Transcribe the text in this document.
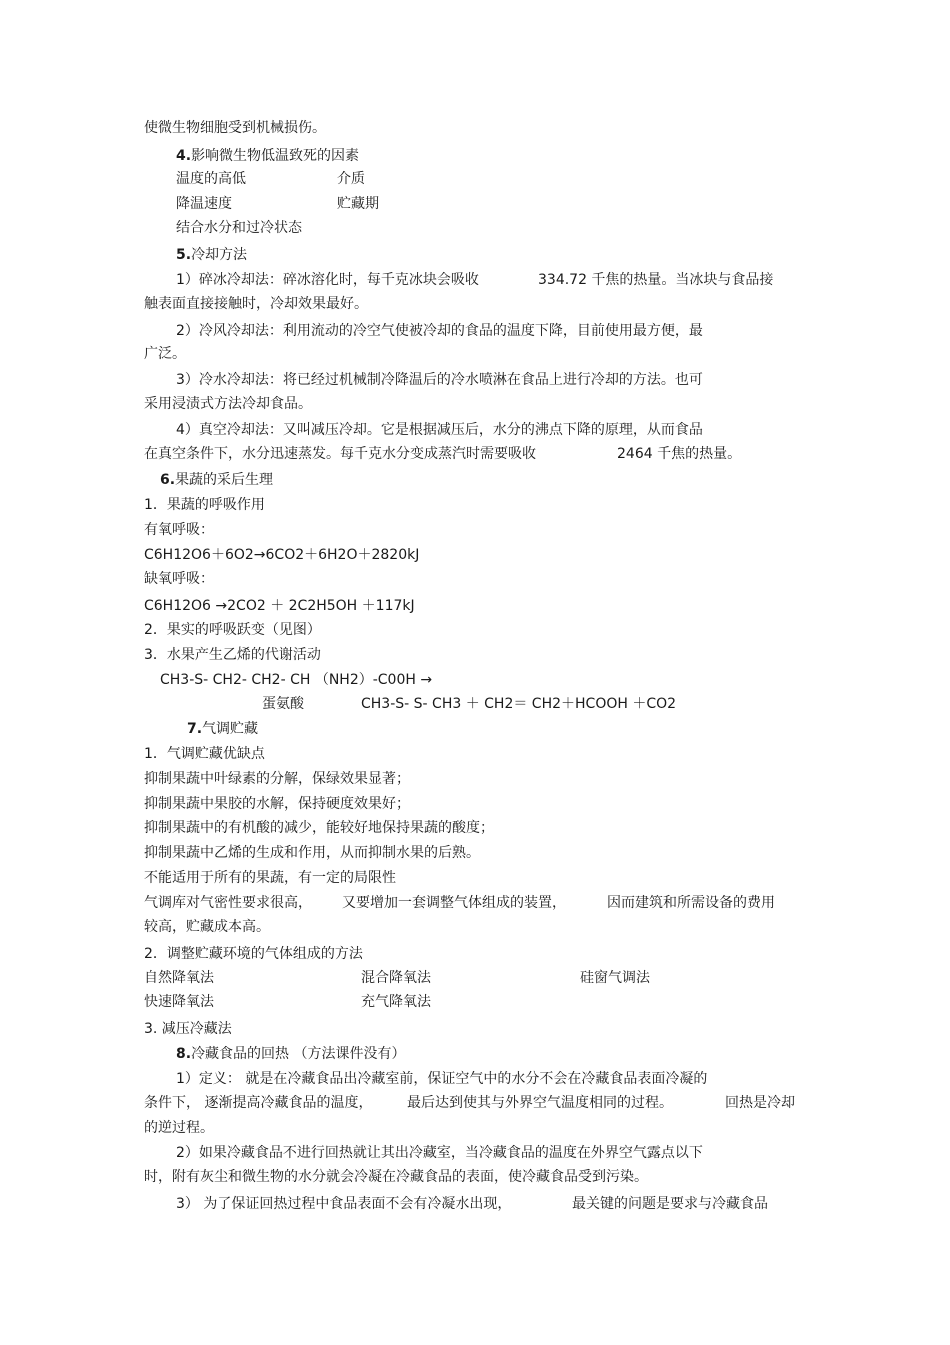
使微生物细胞受到机械损伤。
4.影响微生物低温致死的因素
温度的高低	介质
降温速度	贮藏期
结合水分和过冷状态
5.冷却方法
1）碎冰冷却法：碎冰溶化时，每千克冰块会吸收	334.72 千焦的热量。当冰块与食品接
触表面直接接触时，冷却效果最好。
2）冷风冷却法：利用流动的冷空气使被冷却的食品的温度下降，目前使用最方便，最
广泛。
3）冷水冷却法：将已经过机械制冷降温后的冷水喷淋在食品上进行冷却的方法。也可
采用浸渍式方法冷却食品。
4）真空冷却法：又叫减压冷却。它是根据减压后，水分的沸点下降的原理，从而食品
在真空条件下，水分迅速蒸发。每千克水分变成蒸汽时需要吸收	2464 千焦的热量。
6.果蔬的采后生理
1．果蔬的呼吸作用
有氧呼吸：
C6H12O6＋6O2→6CO2＋6H2O＋2820kJ
缺氧呼吸：
C6H12O6 →2CO2 ＋ 2C2H5OH ＋117kJ
2．果实的呼吸跃变（见图）
3．水果产生乙烯的代谢活动
CH3-S- CH2- CH2- CH （NH2）-C00H →
蛋氨酸	CH3-S- S- CH3 ＋ CH2＝ CH2＋HCOOH ＋CO2
7.气调贮藏
1．气调贮藏优缺点
抑制果蔬中叶绿素的分解，保绿效果显著；
抑制果蔬中果胶的水解，保持硬度效果好；
抑制果蔬中的有机酸的减少，能较好地保持果蔬的酸度；
抑制果蔬中乙烯的生成和作用，从而抑制水果的后熟。
不能适用于所有的果蔬，有一定的局限性
气调库对气密性要求很高， 又要增加一套调整气体组成的装置，	因而建筑和所需设备的费用
较高，贮藏成本高。
2．调整贮藏环境的气体组成的方法
自然降氧法	混合降氧法	硅窗气调法
快速降氧法	充气降氧法
3. 减压冷藏法
8.冷藏食品的回热 （方法课件没有）
1）定义： 就是在冷藏食品出冷藏室前，保证空气中的水分不会在冷藏食品表面冷凝的
条件下， 逐渐提高冷藏食品的温度， 最后达到使其与外界空气温度相同的过程。	回热是冷却
的逆过程。
2）如果冷藏食品不进行回热就让其出冷藏室，当冷藏食品的温度在外界空气露点以下
时，附有灰尘和微生物的水分就会冷凝在冷藏食品的表面，使冷藏食品受到污染。
3） 为了保证回热过程中食品表面不会有冷凝水出现，	最关键的问题是要求与冷藏食品
